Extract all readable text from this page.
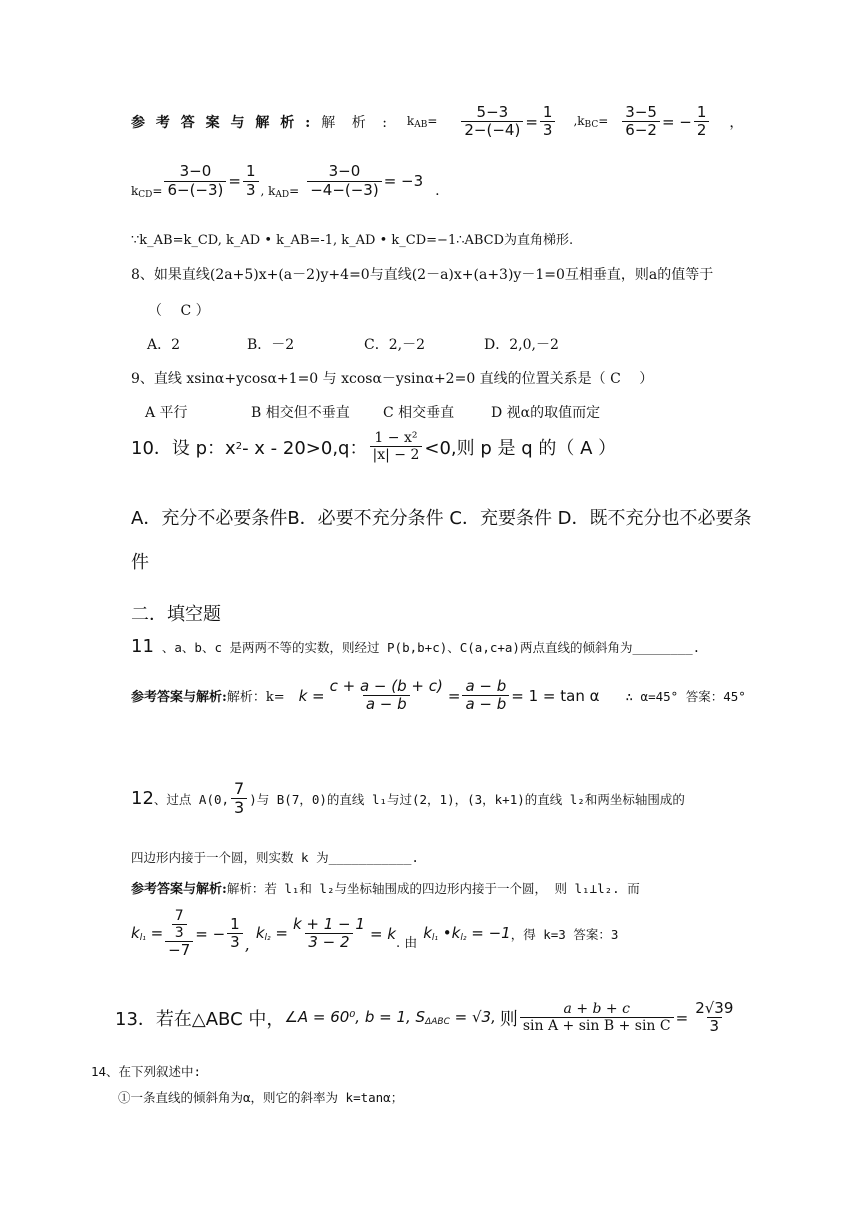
参 考 答 案 与 解 析 : 解 析 : $k_{AB}= \frac{5-3}{2-(-4)} = \frac{1}{3} ,k_{BC}= \frac{3-5}{6-2}$ = − $\frac{1}{2}$ ，
$k_{CD}= \frac{3-0}{6-(-3)} = \frac{1}{3}$ , $k_{AD}= \frac{3-0}{-4-(-3)} = -3$
.
∵k_AB=k_CD, k_AD • k_AB=-1, k_AD • k_CD=−1∴ABCD为直角梯形.
8、如果直线(2a+5)x+(a－2)y+4=0与直线(2－a)x+(a+3)y－1=0互相垂直，则a的值等于
（　 C ）
A．2	B．－2	C．2,－2	D．2,0,－2
9、直线 xsinα+ycosα+1=0 与 xcosα－ysinα+2=0 直线的位置关系是（ C　 ）
A 平行	B 相交但不垂直 C 相交垂直	D 视α的取值而定
10．设 p：x 2 - x - 20>0,q： $\frac{\text{1 − x²}}{|x| - 2} <0$,则 p 是 q 的（ A ）
A．充分不必要条件B．必要不充分条件 C．充要条件 D．既不充分也不必要条
件
二．填空题
11 、a、b、c 是两两不等的实数，则经过 P(b,b+c)、C(a,c+a)两点直线的倾斜角为________.
参考答案与解析: 解析：$k= k = \frac{c + a - (b + c)}{a - b} = \frac{a - b}{a - b} = 1 = \tan \alpha$ ∴ α=45° 答案：45°
12 、过点 A(0, $\frac{7}{3}$ )与 B(7，0)的直线 l₁与过(2，1)，(3，k+1)的直线 l₂和两坐标轴围成的
四边形内接于一个圆，则实数 k 为___________.
参考答案与解析: 解析：若 l₁和 l₂与坐标轴围成的四边形内接于一个圆， 则 l₁⊥l₂. 而
$k_{l_1} = \frac{\frac{7}{3}}{-7}$ = − $\frac{1}{3}$ ,
$k_{l_2} = \frac{k + 1 - 1}{3 - 2} = k$
. 由
$k_{l_1}$ $•k_{l_2} = -1$ ，得 k=3 答案：3
13．若在△ABC 中， ∠A = 60⁰, b = 1, $S_{\Delta ABC} = √3$, 则 $\frac{a + b + c}{\text{sin A + sin B + sin C}} = \frac{2√39}{3}$
14、在下列叙述中:
①一条直线的倾斜角为α，则它的斜率为 k=tanα；
